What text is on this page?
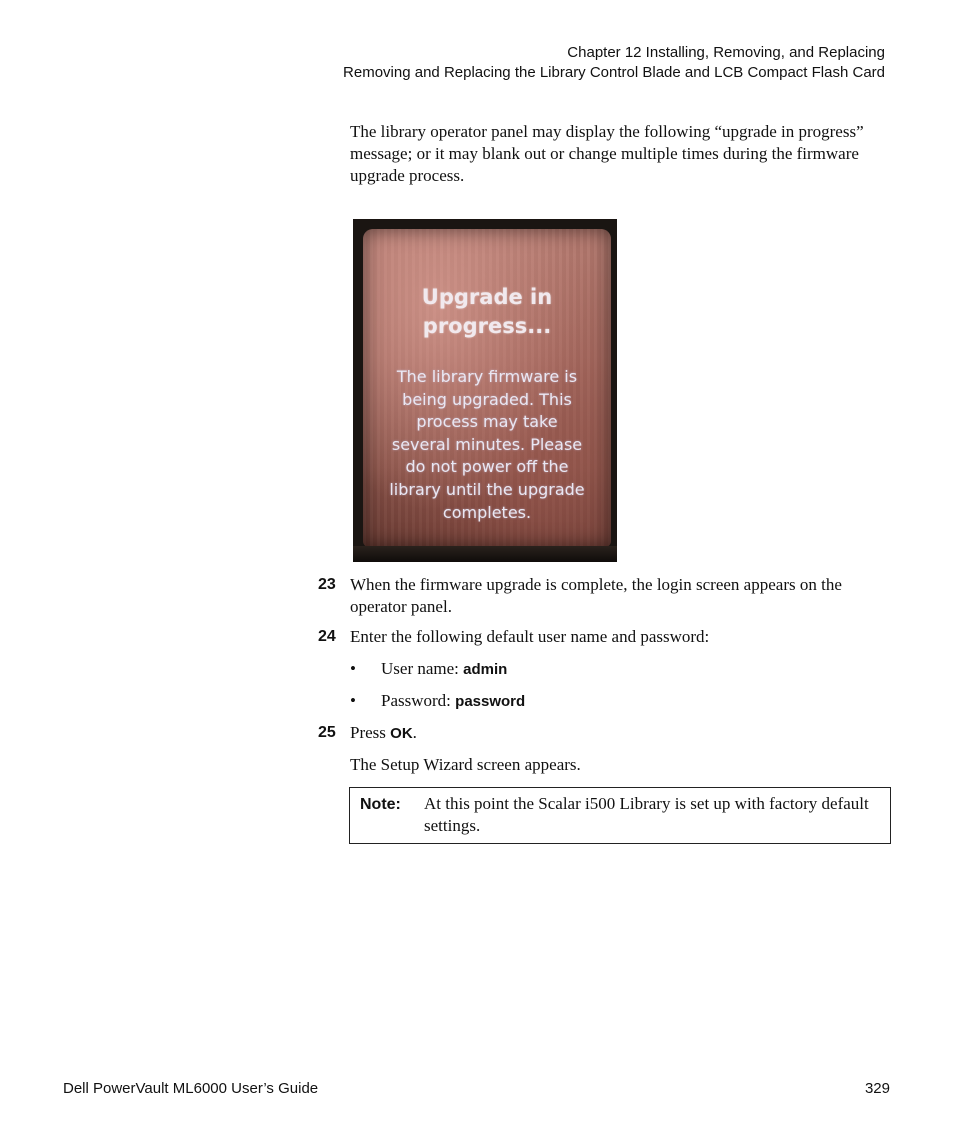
Chapter 12 Installing, Removing, and Replacing
Removing and Replacing the Library Control Blade and LCB Compact Flash Card
The library operator panel may display the following “upgrade in progress” message; or it may blank out or change multiple times during the firmware upgrade process.
Upgrade in
progress...
The library firmware is
being upgraded. This
process may take
several minutes. Please
do not power off the
library until the upgrade
completes.
23 When the firmware upgrade is complete, the login screen appears on the operator panel.
24 Enter the following default user name and password:
• User name: admin
• Password: password
25 Press OK.
The Setup Wizard screen appears.
Note: At this point the Scalar i500 Library is set up with factory default settings.
Dell PowerVault ML6000 User’s Guide	329
